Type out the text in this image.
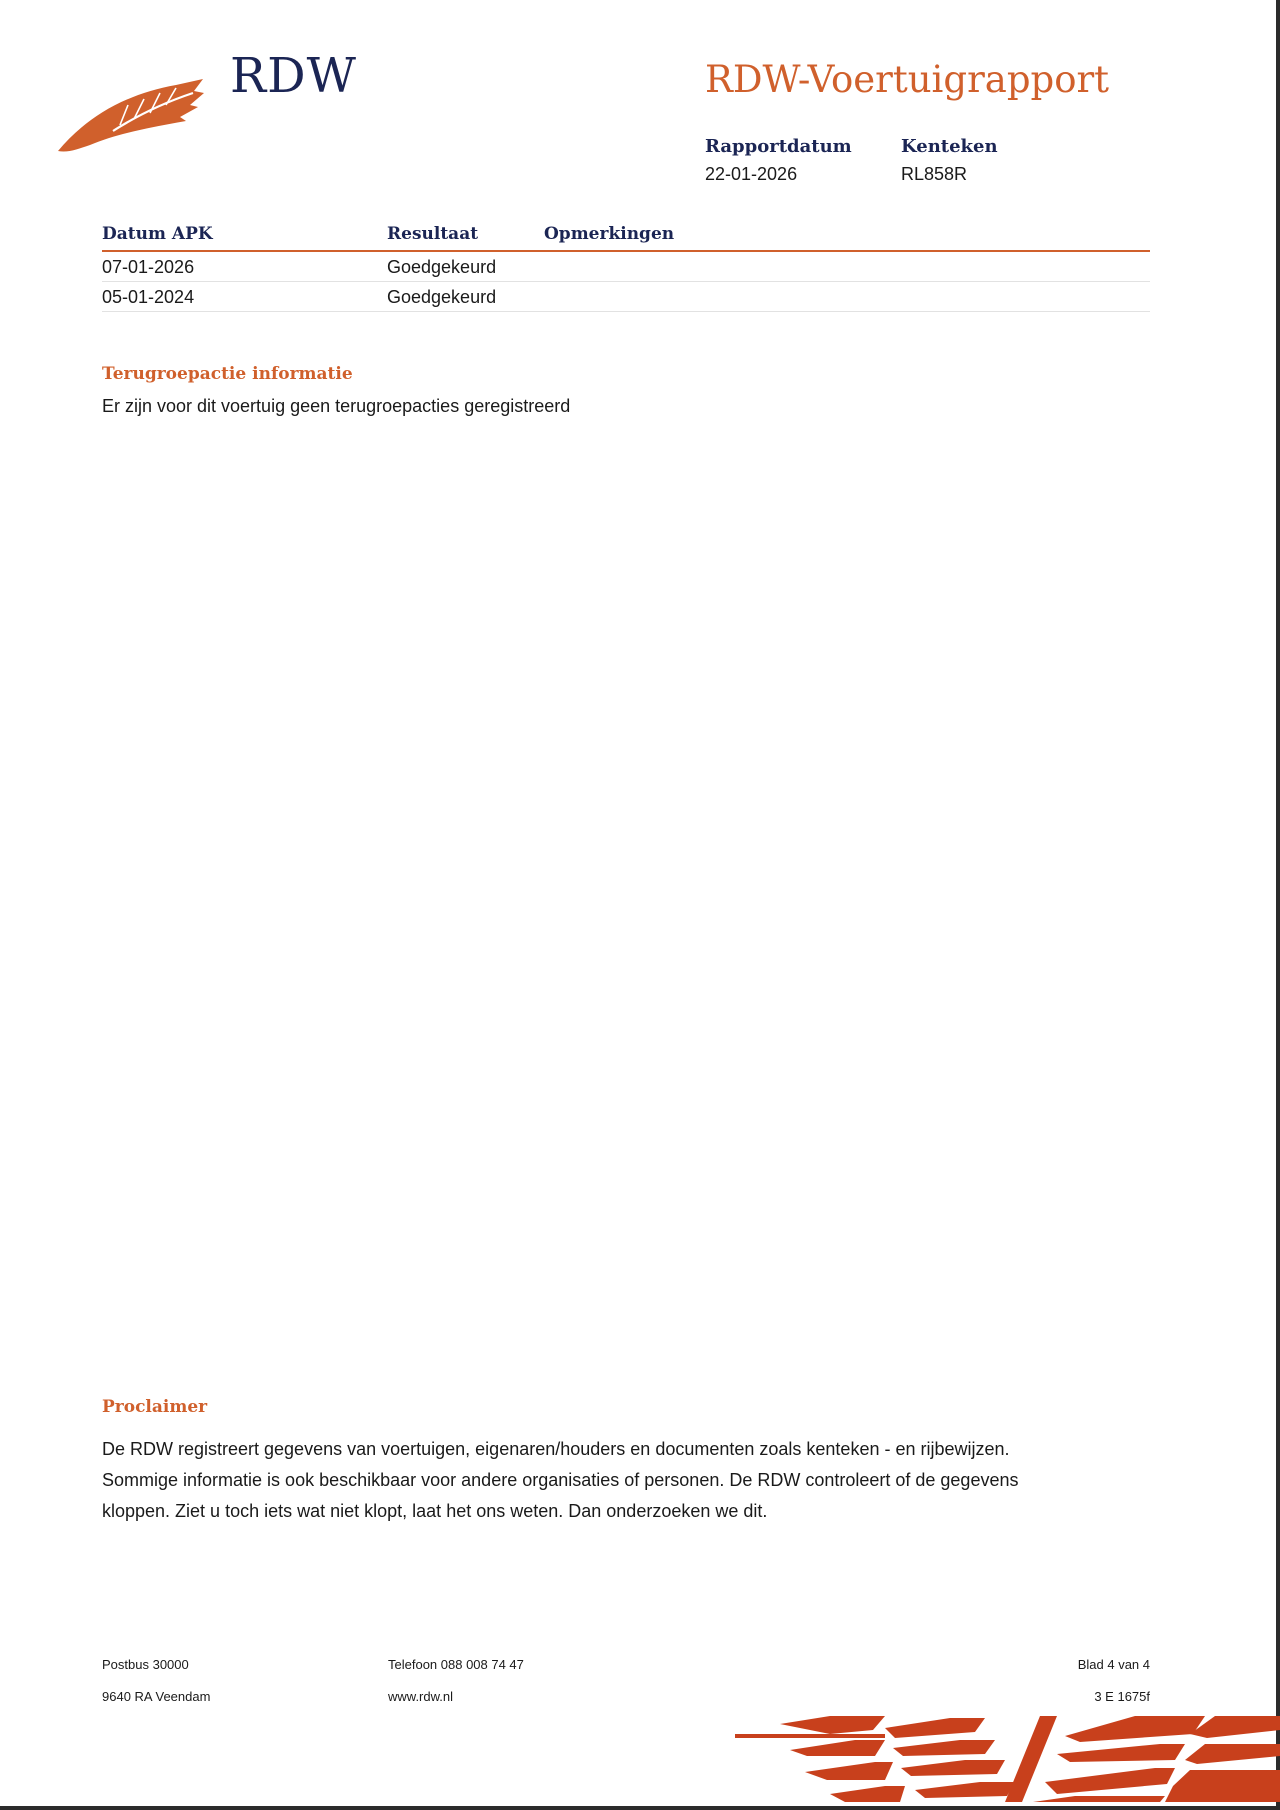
RDW	RDW-Voertuigrapport
Rapportdatum
22-01-2026
Kenteken
RL858R
Datum APK	Resultaat	Opmerkingen
07-01-2026	Goedgekeurd
05-01-2024	Goedgekeurd
Terugroepactie informatie
Er zijn voor dit voertuig geen terugroepacties geregistreerd
Proclaimer
De RDW registreert gegevens van voertuigen, eigenaren/houders en documenten zoals kenteken - en rijbewijzen.
Sommige informatie is ook beschikbaar voor andere organisaties of personen. De RDW controleert of de gegevens
kloppen. Ziet u toch iets wat niet klopt, laat het ons weten. Dan onderzoeken we dit.
Postbus 30000
9640 RA Veendam
Telefoon 088 008 74 47
www.rdw.nl
Blad 4 van 4
3 E 1675f
